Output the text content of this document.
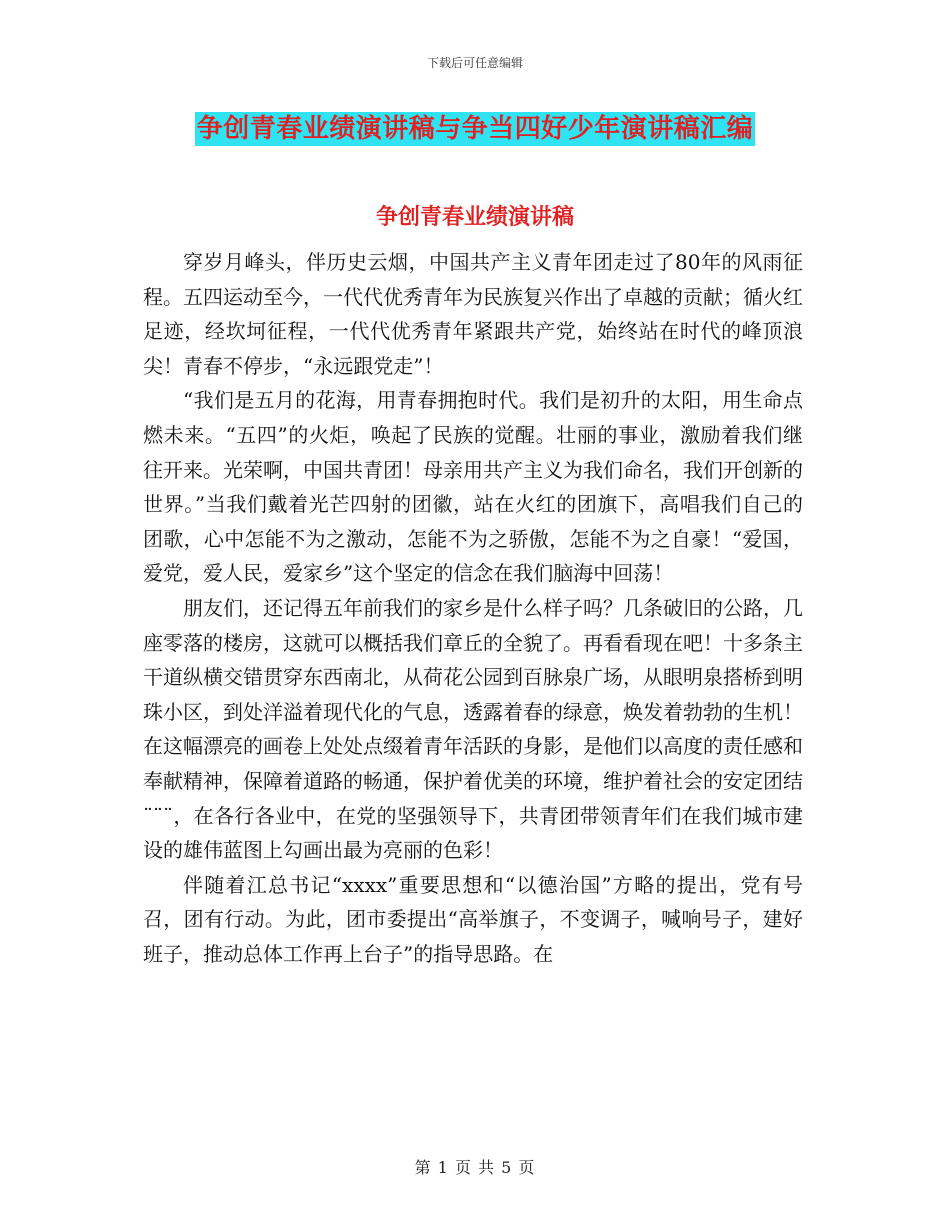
下载后可任意编辑
争创青春业绩演讲稿与争当四好少年演讲稿汇编
争创青春业绩演讲稿

穿岁月峰头，伴历史云烟，中国共产主义青年团走过了80年的风雨征程。五四运动至今，一代代优秀青年为民族复兴作出了卓越的贡献；循火红足迹，经坎坷征程，一代代优秀青年紧跟共产党，始终站在时代的峰顶浪尖！青春不停步，“永远跟党走”！

“我们是五月的花海，用青春拥抱时代。我们是初升的太阳，用生命点燃未来。“五四”的火炬，唤起了民族的觉醒。壮丽的事业，激励着我们继往开来。光荣啊，中国共青团！母亲用共产主义为我们命名，我们开创新的世界。”当我们戴着光芒四射的团徽，站在火红的团旗下，高唱我们自己的团歌，心中怎能不为之激动，怎能不为之骄傲，怎能不为之自豪！“爱国，爱党，爱人民，爱家乡”这个坚定的信念在我们脑海中回荡！

朋友们，还记得五年前我们的家乡是什么样子吗？几条破旧的公路，几座零落的楼房，这就可以概括我们章丘的全貌了。再看看现在吧！十多条主干道纵横交错贯穿东西南北，从荷花公园到百脉泉广场，从眼明泉搭桥到明珠小区，到处洋溢着现代化的气息，透露着春的绿意，焕发着勃勃的生机！在这幅漂亮的画卷上处处点缀着青年活跃的身影，是他们以高度的责任感和奉献精神，保障着道路的畅通，保护着优美的环境，维护着社会的安定团结¨¨¨，在各行各业中，在党的坚强领导下，共青团带领青年们在我们城市建设的雄伟蓝图上勾画出最为亮丽的色彩！

伴随着江总书记“xxxx”重要思想和“以德治国”方略的提出，党有号召，团有行动。为此，团市委提出“高举旗子，不变调子，喊响号子，建好班子，推动总体工作再上台子”的指导思路。在

第 1 页 共 5 页
